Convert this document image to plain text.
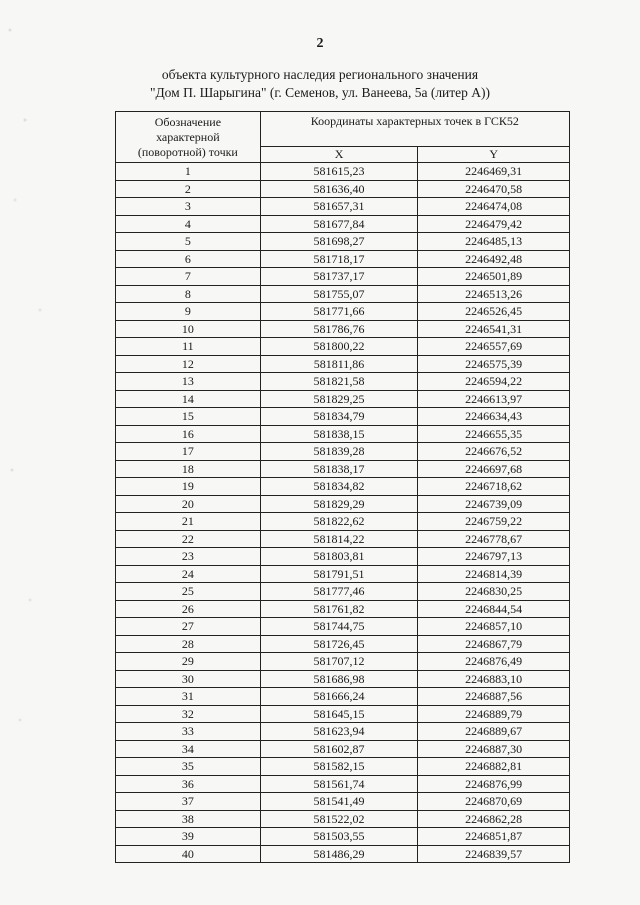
2
объекта культурного наследия регионального значения
"Дом П. Шарыгина" (г. Семенов, ул. Ванеева, 5а (литер А))
Обозначение
характерной
(поворотной) точки	Координаты характерных точек в ГСК52	
	X	Y
1	581615,23	2246469,31
2	581636,40	2246470,58
3	581657,31	2246474,08
4	581677,84	2246479,42
5	581698,27	2246485,13
6	581718,17	2246492,48
7	581737,17	2246501,89
8	581755,07	2246513,26
9	581771,66	2246526,45
10	581786,76	2246541,31
11	581800,22	2246557,69
12	581811,86	2246575,39
13	581821,58	2246594,22
14	581829,25	2246613,97
15	581834,79	2246634,43
16	581838,15	2246655,35
17	581839,28	2246676,52
18	581838,17	2246697,68
19	581834,82	2246718,62
20	581829,29	2246739,09
21	581822,62	2246759,22
22	581814,22	2246778,67
23	581803,81	2246797,13
24	581791,51	2246814,39
25	581777,46	2246830,25
26	581761,82	2246844,54
27	581744,75	2246857,10
28	581726,45	2246867,79
29	581707,12	2246876,49
30	581686,98	2246883,10
31	581666,24	2246887,56
32	581645,15	2246889,79
33	581623,94	2246889,67
34	581602,87	2246887,30
35	581582,15	2246882,81
36	581561,74	2246876,99
37	581541,49	2246870,69
38	581522,02	2246862,28
39	581503,55	2246851,87
40	581486,29	2246839,57
